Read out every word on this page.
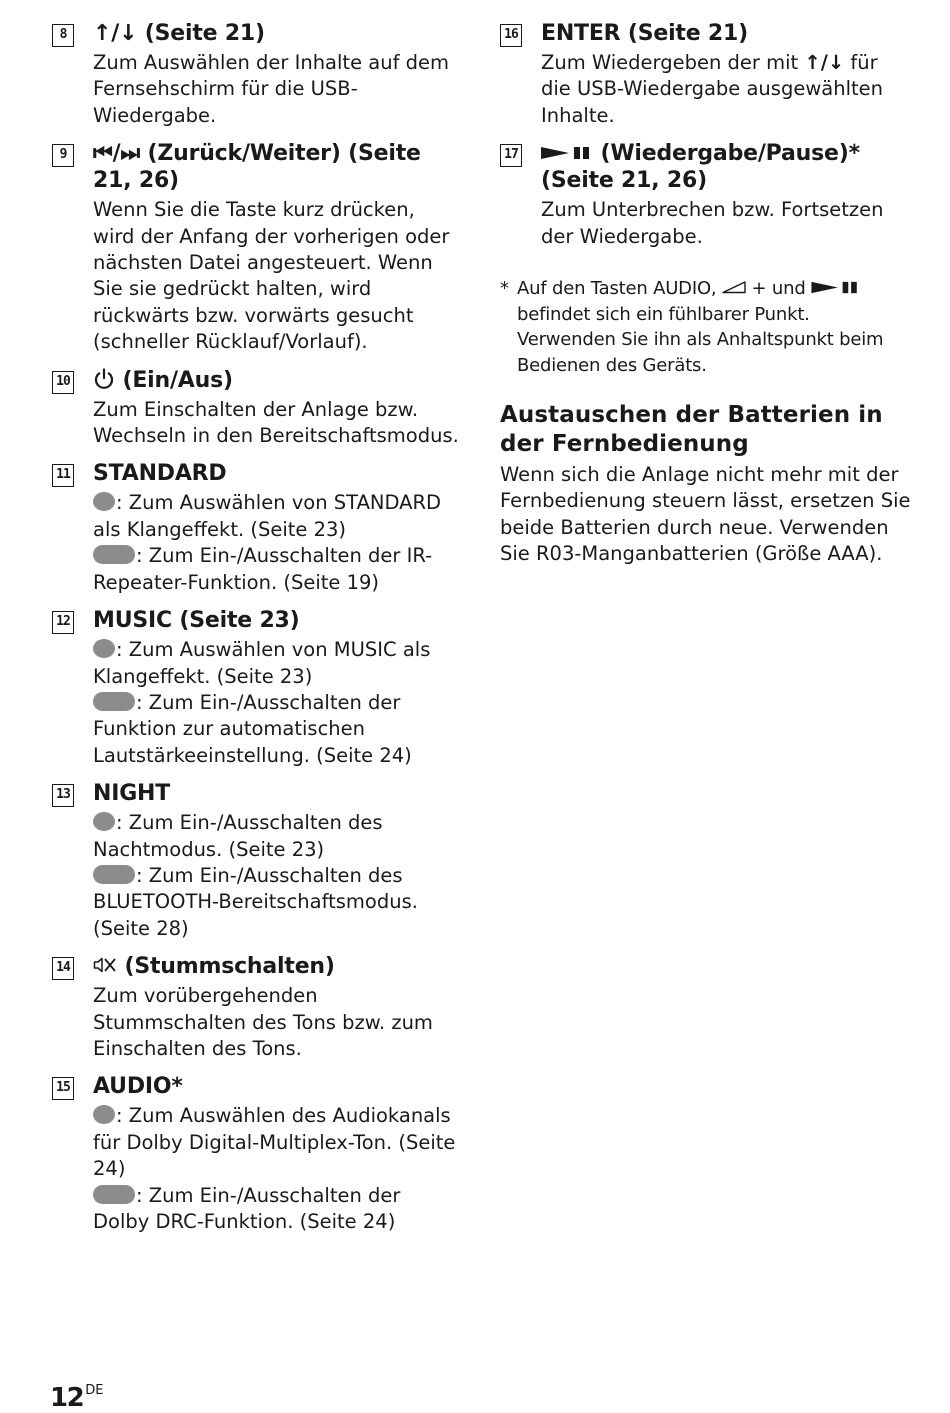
8	↑/↓ (Seite 21)
Zum Auswählen der Inhalte auf dem Fernsehschirm für die USB-Wiedergabe.
9	⏮/⏭ (Zurück/Weiter) (Seite 21, 26)
Wenn Sie die Taste kurz drücken, wird der Anfang der vorherigen oder nächsten Datei angesteuert. Wenn Sie sie gedrückt halten, wird rückwärts bzw. vorwärts gesucht (schneller Rücklauf/Vorlauf).
10	(Ein/Aus)
Zum Einschalten der Anlage bzw. Wechseln in den Bereitschaftsmodus.
11 STANDARD

: Zum Auswählen von STANDARD als Klangeffekt. (Seite 23)

: Zum Ein-/Ausschalten der IR-Repeater-Funktion. (Seite 19)

12 MUSIC (Seite 23)

: Zum Auswählen von MUSIC als Klangeffekt. (Seite 23)

: Zum Ein-/Ausschalten der Funktion zur automatischen Lautstärkeeinstellung. (Seite 24)

13 NIGHT

: Zum Ein-/Ausschalten des Nachtmodus. (Seite 23)

: Zum Ein-/Ausschalten des BLUETOOTH-Bereitschaftsmodus. (Seite 28)

14	(Stummschalten)
Zum vorübergehenden Stummschalten des Tons bzw. zum Einschalten des Tons.
15 AUDIO*

: Zum Auswählen des Audiokanals für Dolby Digital-Multiplex-Ton. (Seite 24)

: Zum Ein-/Ausschalten der Dolby DRC-Funktion. (Seite 24)

16 ENTER (Seite 21)
Zum Wiedergeben der mit ↑/↓ für die USB-Wiedergabe ausgewählten Inhalte.
17	(Wiedergabe/Pause)* (Seite 21, 26)
Zum Unterbrechen bzw. Fortsetzen der Wiedergabe.
* Auf den Tasten AUDIO, + und  befindet sich ein fühlbarer Punkt. Verwenden Sie ihn als Anhaltspunkt beim Bedienen des Geräts.
Austauschen der Batterien in der Fernbedienung
Wenn sich die Anlage nicht mehr mit der Fernbedienung steuern lässt, ersetzen Sie beide Batterien durch neue. Verwenden Sie R03-Manganbatterien (Größe AAA).
12 $^{DE}$
